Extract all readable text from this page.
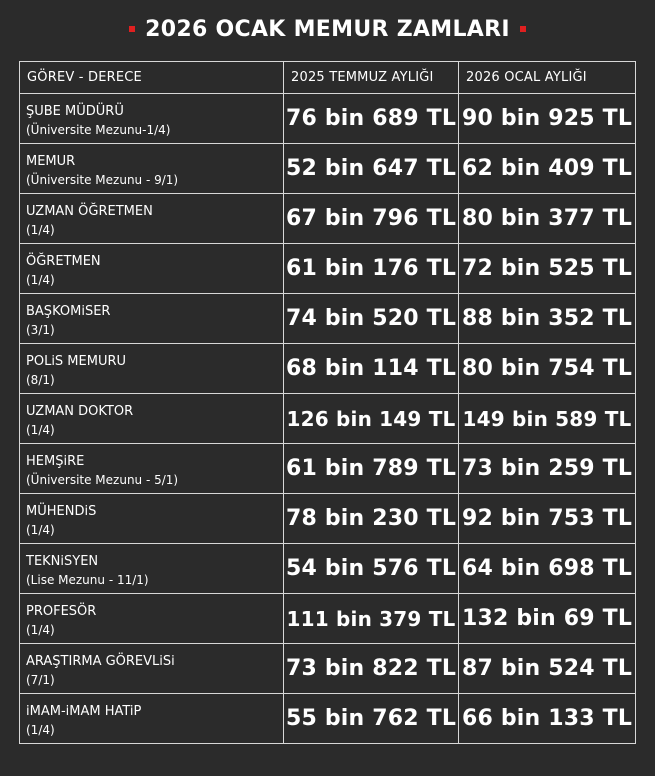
2026 OCAK MEMUR ZAMLARI
GÖREV - DERECE	2025 TEMMUZ AYLIĞI	2026 OCAL AYLIĞI

ŞUBE MÜDÜRÜ
(Üniversite Mezunu-1/4)	76 bin 689 TL	90 bin 925 TL

MEMUR
(Üniversite Mezunu - 9/1)	52 bin 647 TL	62 bin 409 TL

UZMAN ÖĞRETMEN
(1/4)	67 bin 796 TL	80 bin 377 TL

ÖĞRETMEN
(1/4)	61 bin 176 TL	72 bin 525 TL

BAŞKOMiSER
(3/1)	74 bin 520 TL	88 bin 352 TL

POLiS MEMURU
(8/1)	68 bin 114 TL	80 bin 754 TL

UZMAN DOKTOR
(1/4)	126 bin 149 TL	149 bin 589 TL

HEMŞiRE
(Üniversite Mezunu - 5/1)	61 bin 789 TL	73 bin 259 TL

MÜHENDiS
(1/4)	78 bin 230 TL	92 bin 753 TL

TEKNiSYEN
(Lise Mezunu - 11/1)	54 bin 576 TL	64 bin 698 TL

PROFESÖR
(1/4)	111 bin 379 TL	132 bin 69 TL

ARAŞTIRMA GÖREVLiSi
(7/1)	73 bin 822 TL	87 bin 524 TL

iMAM-iMAM HATiP
(1/4)	55 bin 762 TL	66 bin 133 TL
